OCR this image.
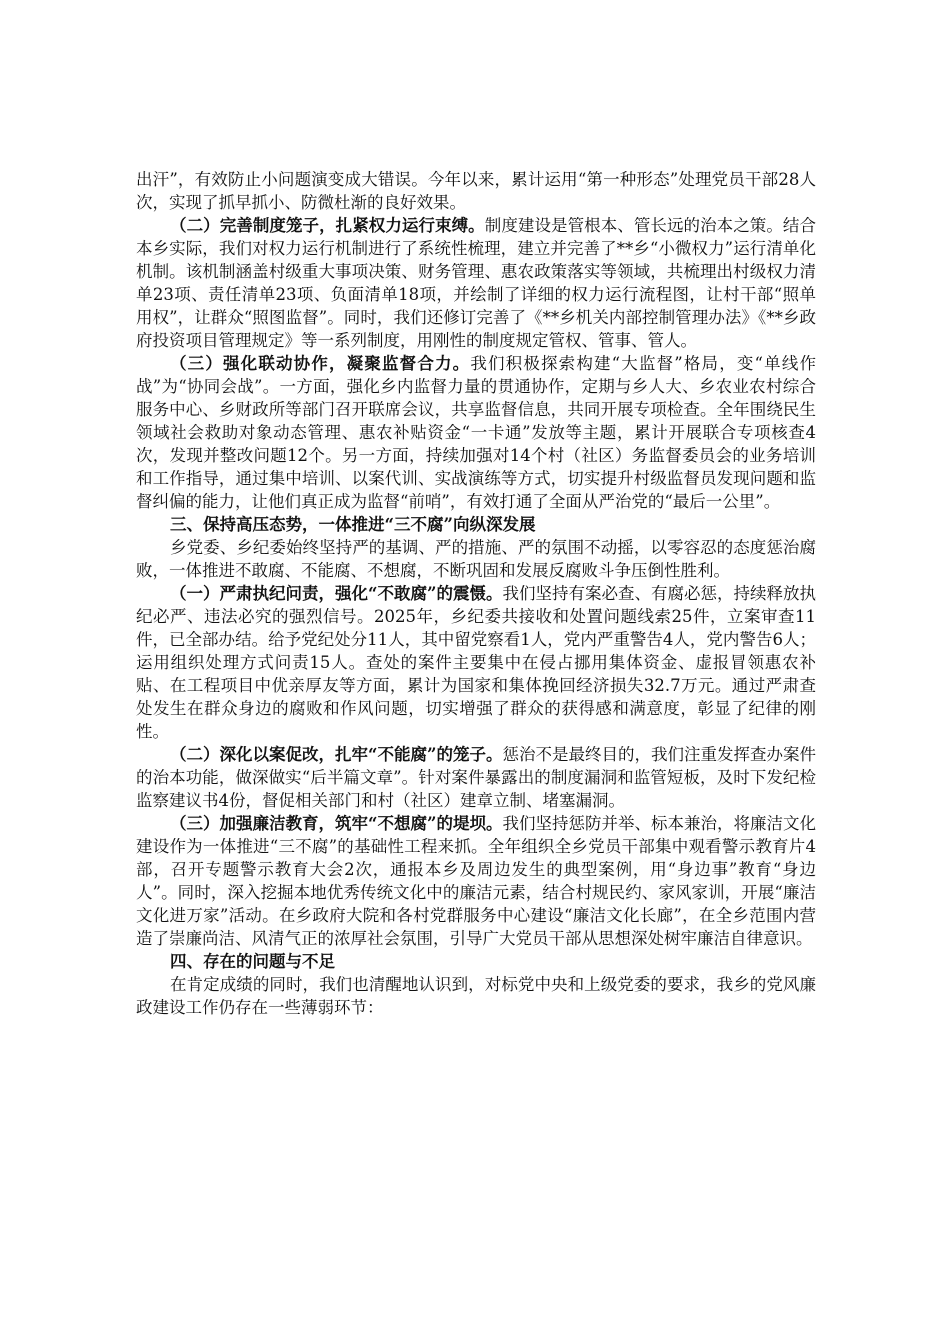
出汗”，有效防止小问题演变成大错误。今年以来，累计运用“第一种形态”处理党员干部28人次，实现了抓早抓小、防微杜渐的良好效果。

（二）完善制度笼子，扎紧权力运行束缚。制度建设是管根本、管长远的治本之策。结合本乡实际，我们对权力运行机制进行了系统性梳理，建立并完善了**乡“小微权力”运行清单化机制。该机制涵盖村级重大事项决策、财务管理、惠农政策落实等领域，共梳理出村级权力清单23项、责任清单23项、负面清单18项，并绘制了详细的权力运行流程图，让村干部“照单用权”，让群众“照图监督”。同时，我们还修订完善了《**乡机关内部控制管理办法》《**乡政府投资项目管理规定》等一系列制度，用刚性的制度规定管权、管事、管人。

（三）强化联动协作，凝聚监督合力。我们积极探索构建“大监督”格局，变“单线作战”为“协同会战”。一方面，强化乡内监督力量的贯通协作，定期与乡人大、乡农业农村综合服务中心、乡财政所等部门召开联席会议，共享监督信息，共同开展专项检查。全年围绕民生领域社会救助对象动态管理、惠农补贴资金“一卡通”发放等主题，累计开展联合专项核查4次，发现并整改问题12个。另一方面，持续加强对14个村（社区）务监督委员会的业务培训和工作指导，通过集中培训、以案代训、实战演练等方式，切实提升村级监督员发现问题和监督纠偏的能力，让他们真正成为监督“前哨”，有效打通了全面从严治党的“最后一公里”。

三、保持高压态势，一体推进“三不腐”向纵深发展

乡党委、乡纪委始终坚持严的基调、严的措施、严的氛围不动摇，以零容忍的态度惩治腐败，一体推进不敢腐、不能腐、不想腐，不断巩固和发展反腐败斗争压倒性胜利。

（一）严肃执纪问责，强化“不敢腐”的震慑。我们坚持有案必查、有腐必惩，持续释放执纪必严、违法必究的强烈信号。2025年，乡纪委共接收和处置问题线索25件，立案审查11件，已全部办结。给予党纪处分11人，其中留党察看1人，党内严重警告4人，党内警告6人；运用组织处理方式问责15人。查处的案件主要集中在侵占挪用集体资金、虚报冒领惠农补贴、在工程项目中优亲厚友等方面，累计为国家和集体挽回经济损失32.7万元。通过严肃查处发生在群众身边的腐败和作风问题，切实增强了群众的获得感和满意度，彰显了纪律的刚性。

（二）深化以案促改，扎牢“不能腐”的笼子。惩治不是最终目的，我们注重发挥查办案件的治本功能，做深做实“后半篇文章”。针对案件暴露出的制度漏洞和监管短板，及时下发纪检监察建议书4份，督促相关部门和村（社区）建章立制、堵塞漏洞。

（三）加强廉洁教育，筑牢“不想腐”的堤坝。我们坚持惩防并举、标本兼治，将廉洁文化建设作为一体推进“三不腐”的基础性工程来抓。全年组织全乡党员干部集中观看警示教育片4部，召开专题警示教育大会2次，通报本乡及周边发生的典型案例，用“身边事”教育“身边人”。同时，深入挖掘本地优秀传统文化中的廉洁元素，结合村规民约、家风家训，开展“廉洁文化进万家”活动。在乡政府大院和各村党群服务中心建设“廉洁文化长廊”，在全乡范围内营造了崇廉尚洁、风清气正的浓厚社会氛围，引导广大党员干部从思想深处树牢廉洁自律意识。

四、存在的问题与不足

在肯定成绩的同时，我们也清醒地认识到，对标党中央和上级党委的要求，我乡的党风廉政建设工作仍存在一些薄弱环节：
